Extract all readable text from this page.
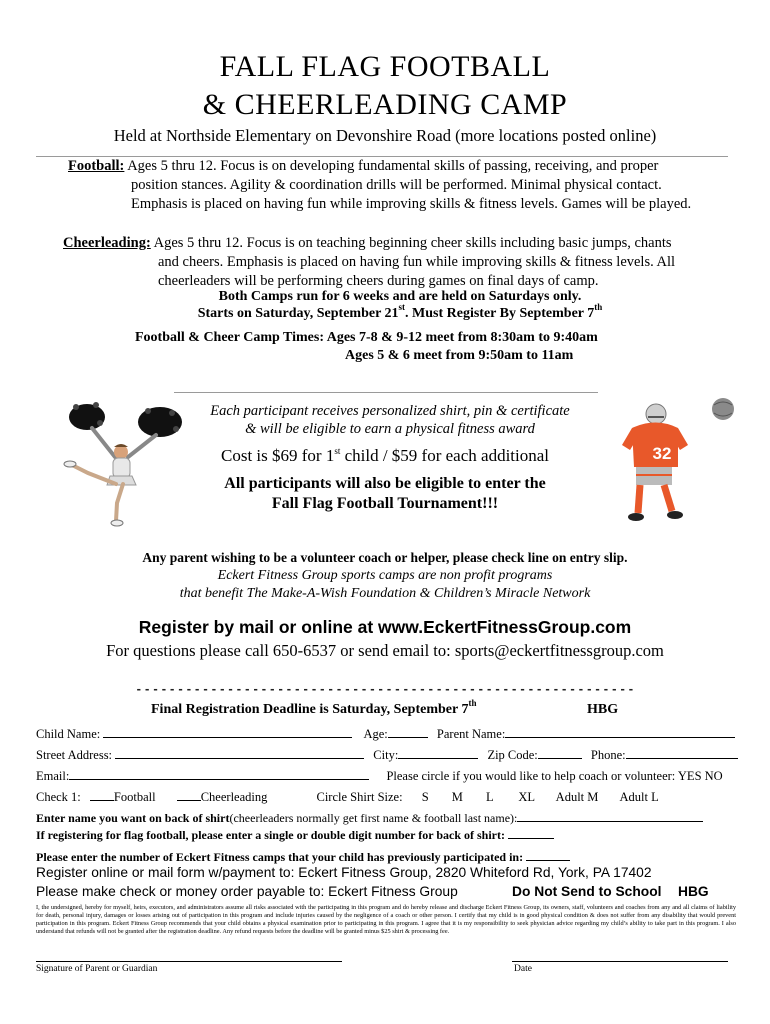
FALL FLAG FOOTBALL
& CHEERLEADING CAMP
Held at Northside Elementary on Devonshire Road (more locations posted online)
Football: Ages 5 thru 12. Focus is on developing fundamental skills of passing, receiving, and proper
position stances. Agility & coordination drills will be performed. Minimal physical contact.
Emphasis is placed on having fun while improving skills & fitness levels. Games will be played.
Cheerleading: Ages 5 thru 12. Focus is on teaching beginning cheer skills including basic jumps, chants
and cheers. Emphasis is placed on having fun while improving skills & fitness levels. All
cheerleaders will be performing cheers during games on final days of camp.
Both Camps run for 6 weeks and are held on Saturdays only.
Starts on Saturday, September 21st. Must Register By September 7th
Football & Cheer Camp Times: Ages 7-8 & 9-12 meet from 8:30am to 9:40am
Ages 5 & 6 meet from 9:50am to 11am
Each participant receives personalized shirt, pin & certificate
& will be eligible to earn a physical fitness award
32
Cost is $69 for 1st child / $59 for each additional
All participants will also be eligible to enter the
Fall Flag Football Tournament!!!
Any parent wishing to be a volunteer coach or helper, please check line on entry slip.
Eckert Fitness Group sports camps are non profit programs
that benefit The Make-A-Wish Foundation & Children’s Miracle Network
Register by mail or online at www.EckertFitnessGroup.com
For questions please call 650-6537 or send email to: sports@eckertfitnessgroup.com
- - - - - - - - - - - - - - - - - - - - - - - - - - - - - - - - - - - - - - - - - - - - - - - - - - - - - - - - - - - -
Final Registration Deadline is Saturday, September 7th	HBG
Child Name:	Age:	Parent Name:
Street Address:	City:	Zip Code:	Phone:
Email:	Please circle if you would like to help coach or volunteer: YES NO
Check 1:	Football	Cheerleading	Circle Shirt Size: S M L XL Adult M Adult L
Enter name you want on back of shirt(cheerleaders normally get first name & football last name):
If registering for flag football, please enter a single or double digit number for back of shirt:
Please enter the number of Eckert Fitness camps that your child has previously participated in:
Register online or mail form w/payment to: Eckert Fitness Group, 2820 Whiteford Rd, York, PA 17402
Please make check or money order payable to: Eckert Fitness Group	Do Not Send to School HBG
I, the undersigned, hereby for myself, heirs, executors, and administrators assume all risks associated with the participating in this program and do hereby release and discharge Eckert Fitness Group, its owners, staff, volunteers and coaches from any and all claims of liability for death, personal injury, damages or losses arising out of participation in this program and include injuries caused by the negligence of a coach or other person. I certify that my child is in good physical condition & does not suffer from any disability that would prevent participation in this program. Eckert Fitness Group recommends that your child obtains a physical examination prior to participating in this program. I agree that it is my responsibility to seek physician advice regarding my child’s ability to take part in this program. I also understand that refunds will not be granted after the registration deadline. Any refund requests before the deadline will be granted minus $25 shirt & processing fee.
Signature of Parent or Guardian	Date
